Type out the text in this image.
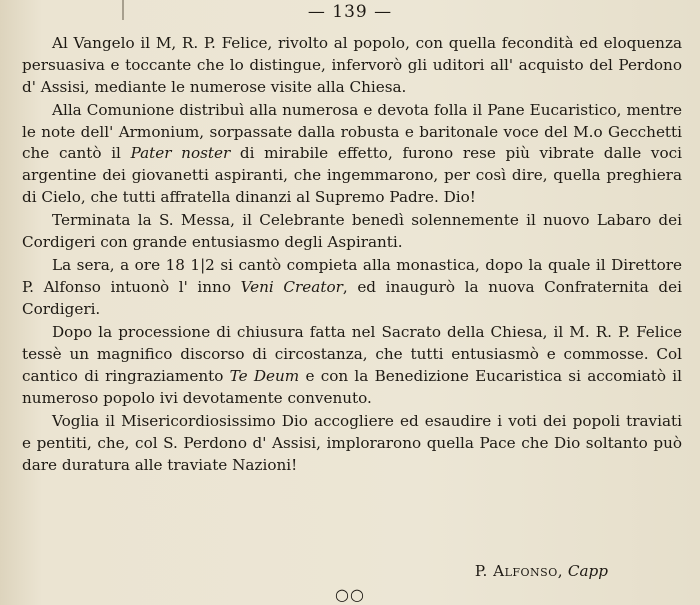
— 139 —

Al Vangelo il M, R. P. Felice, rivolto al popolo, con quella fecondità ed eloquenza persuasiva e toccante che lo distingue, infervorò gli uditori all' acquisto del Perdono d' Assisi, mediante le numerose visite alla Chiesa.

Alla Comunione distribuì alla numerosa e devota folla il Pane Eucaristico, mentre le note dell' Armonium, sorpassate dalla robusta e baritonale voce del M.o Gecchetti che cantò il Pater noster di mirabile effetto, furono rese più vibrate dalle voci argentine dei giovanetti aspiranti, che ingemmarono, per così dire, quella preghiera di Cielo, che tutti affratella dinanzi al Supremo Padre. Dio!

Terminata la S. Messa, il Celebrante benedì solennemente il nuovo Labaro dei Cordigeri con grande entusiasmo degli Aspiranti.

La sera, a ore 18 1|2 si cantò compieta alla monastica, dopo la quale il Direttore P. Alfonso intuonò l' inno Veni Creator, ed inaugurò la nuova Confraternita dei Cordigeri.

Dopo la processione di chiusura fatta nel Sacrato della Chiesa, il M. R. P. Felice tessè un magnifico discorso di circostanza, che tutti entusiasmò e commosse. Col cantico di ringraziamento Te Deum e con la Benedizione Eucaristica si accomiatò il numeroso popolo ivi devotamente convenuto.

Voglia il Misericordiosissimo Dio accogliere ed esaudire i voti dei popoli traviati e pentiti, che, col S. Perdono d' Assisi, implorarono quella Pace che Dio soltanto può dare duratura alle traviate Nazioni!

P. Alfonso, Capp
○○
